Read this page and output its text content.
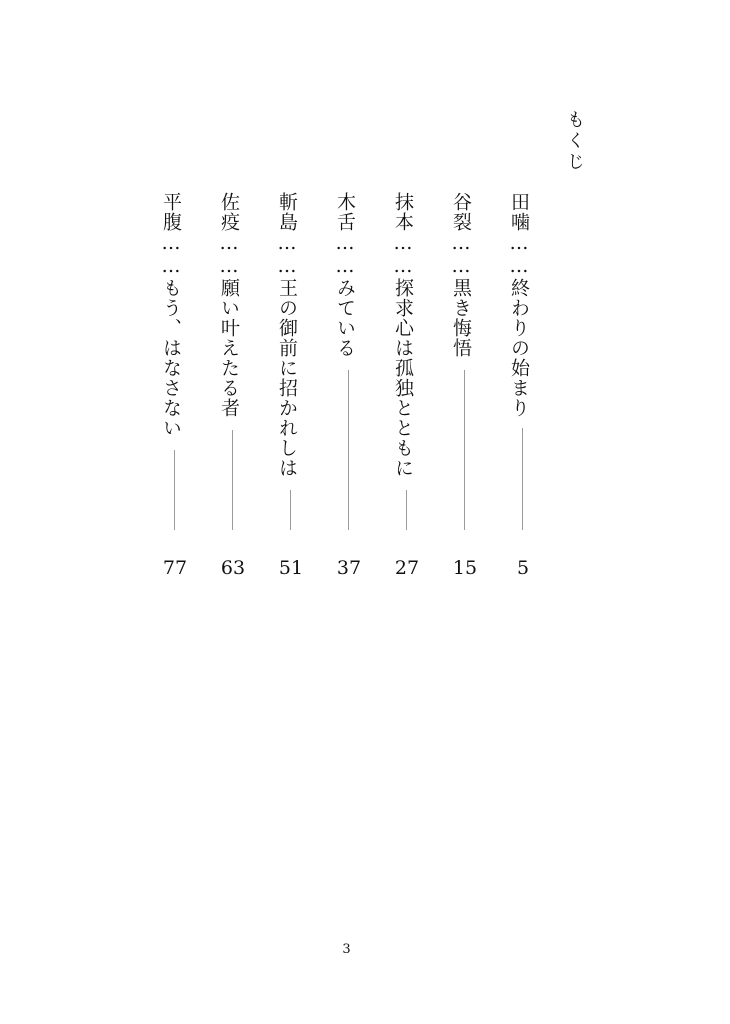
もくじ
田噛……終わりの始まり
5
谷裂……黒き悔悟
15
抹本……探求心は孤独とともに
27
木舌……みている
37
斬島……王の御前に招かれしは
51
佐疫……願い叶えたる者
63
平腹……もう、はなさない
77
3
